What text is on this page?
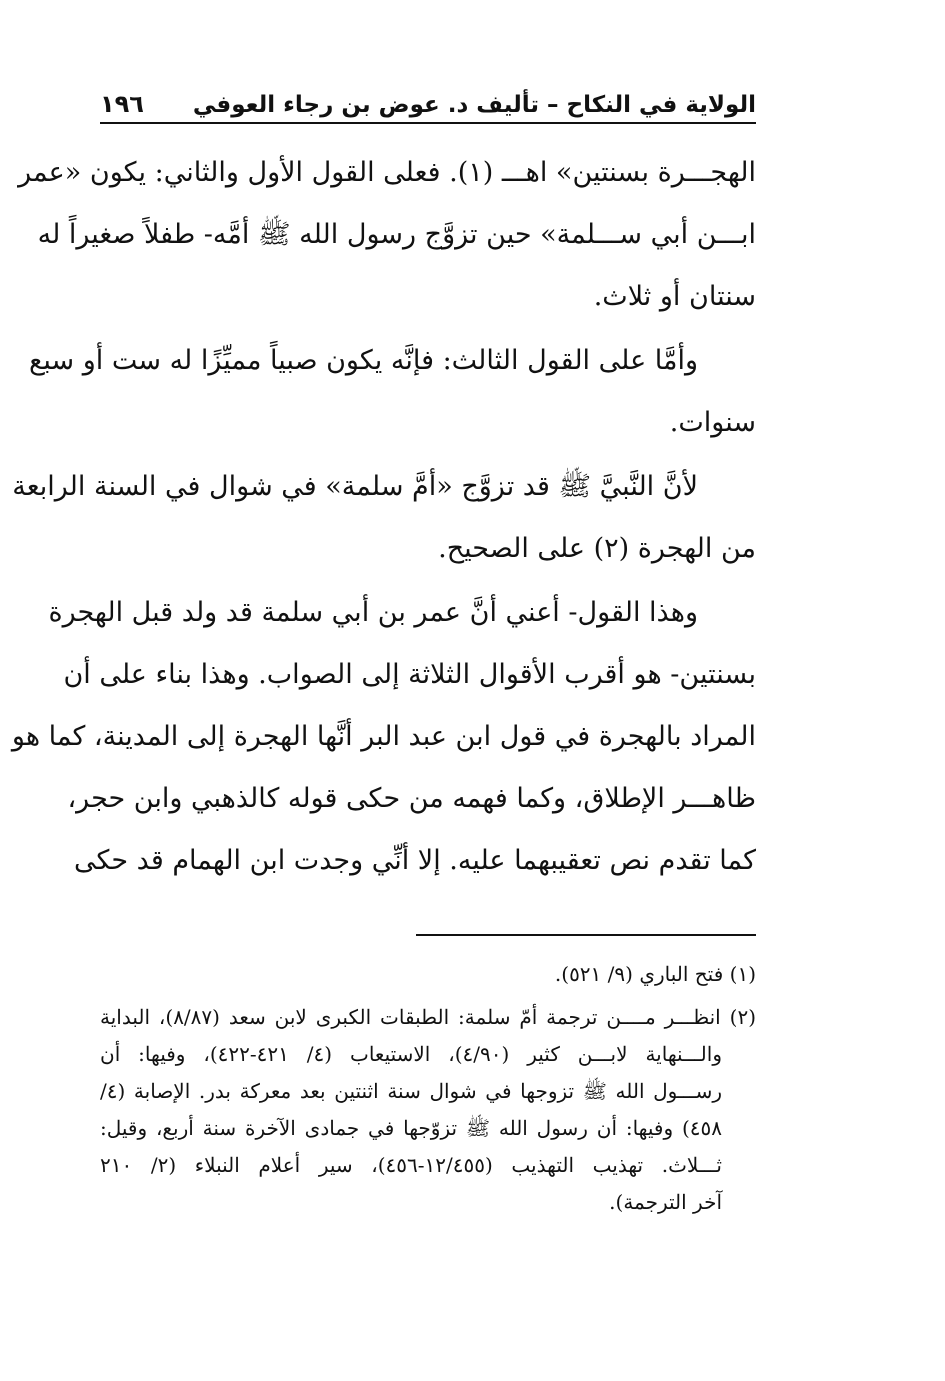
الولاية في النكاح – تأليف د. عوض بن رجاء العوفي
١٩٦
الهجـــرة بسنتين» اهـــ (١). فعلى القول الأول والثاني: يكون «عمر
ابـــن أبي ســـلمة» حين تزوَّج رسول الله ﷺ أمَّه- طفلاً صغيراً له
سنتان أو ثلاث.
وأمَّا على القول الثالث: فإنَّه يكون صبياً مميِّزًا له ست أو سبع
سنوات.
لأنَّ النَّبيَّ ﷺ قد تزوَّج «أمَّ سلمة» في شوال في السنة الرابعة
من الهجرة (٢) على الصحيح.
وهذا القول- أعني أنَّ عمر بن أبي سلمة قد ولد قبل الهجرة
بسنتين- هو أقرب الأقوال الثلاثة إلى الصواب. وهذا بناء على أن
المراد بالهجرة في قول ابن عبد البر أنَّها الهجرة إلى المدينة، كما هو
ظاهـــر الإطلاق، وكما فهمه من حكى قوله كالذهبي وابن حجر،
كما تقدم نص تعقيبهما عليه. إلا أنِّي وجدت ابن الهمام قد حكى
(١) فتح الباري (٩/ ٥٢١).
(٢) انظـــر مــــن ترجمة أمّ سلمة: الطبقات الكبرى لابن سعد (٨/٨٧)، البداية
والـــنهاية لابـــن كثير (٤/٩٠)، الاستيعاب (٤/ ٤٢١-٤٢٢)، وفيها: أن
رســـول الله ﷺ تزوجها في شوال سنة اثنتين بعد معركة بدر. الإصابة (٤/
٤٥٨) وفيها: أن رسول الله ﷺ تزوّجها في جمادى الآخرة سنة أربع، وقيل:
ثـــلاث. تهذيب التهذيب (١٢/٤٥٥-٤٥٦)، سير أعلام النبلاء (٢/ ٢١٠
آخر الترجمة).
